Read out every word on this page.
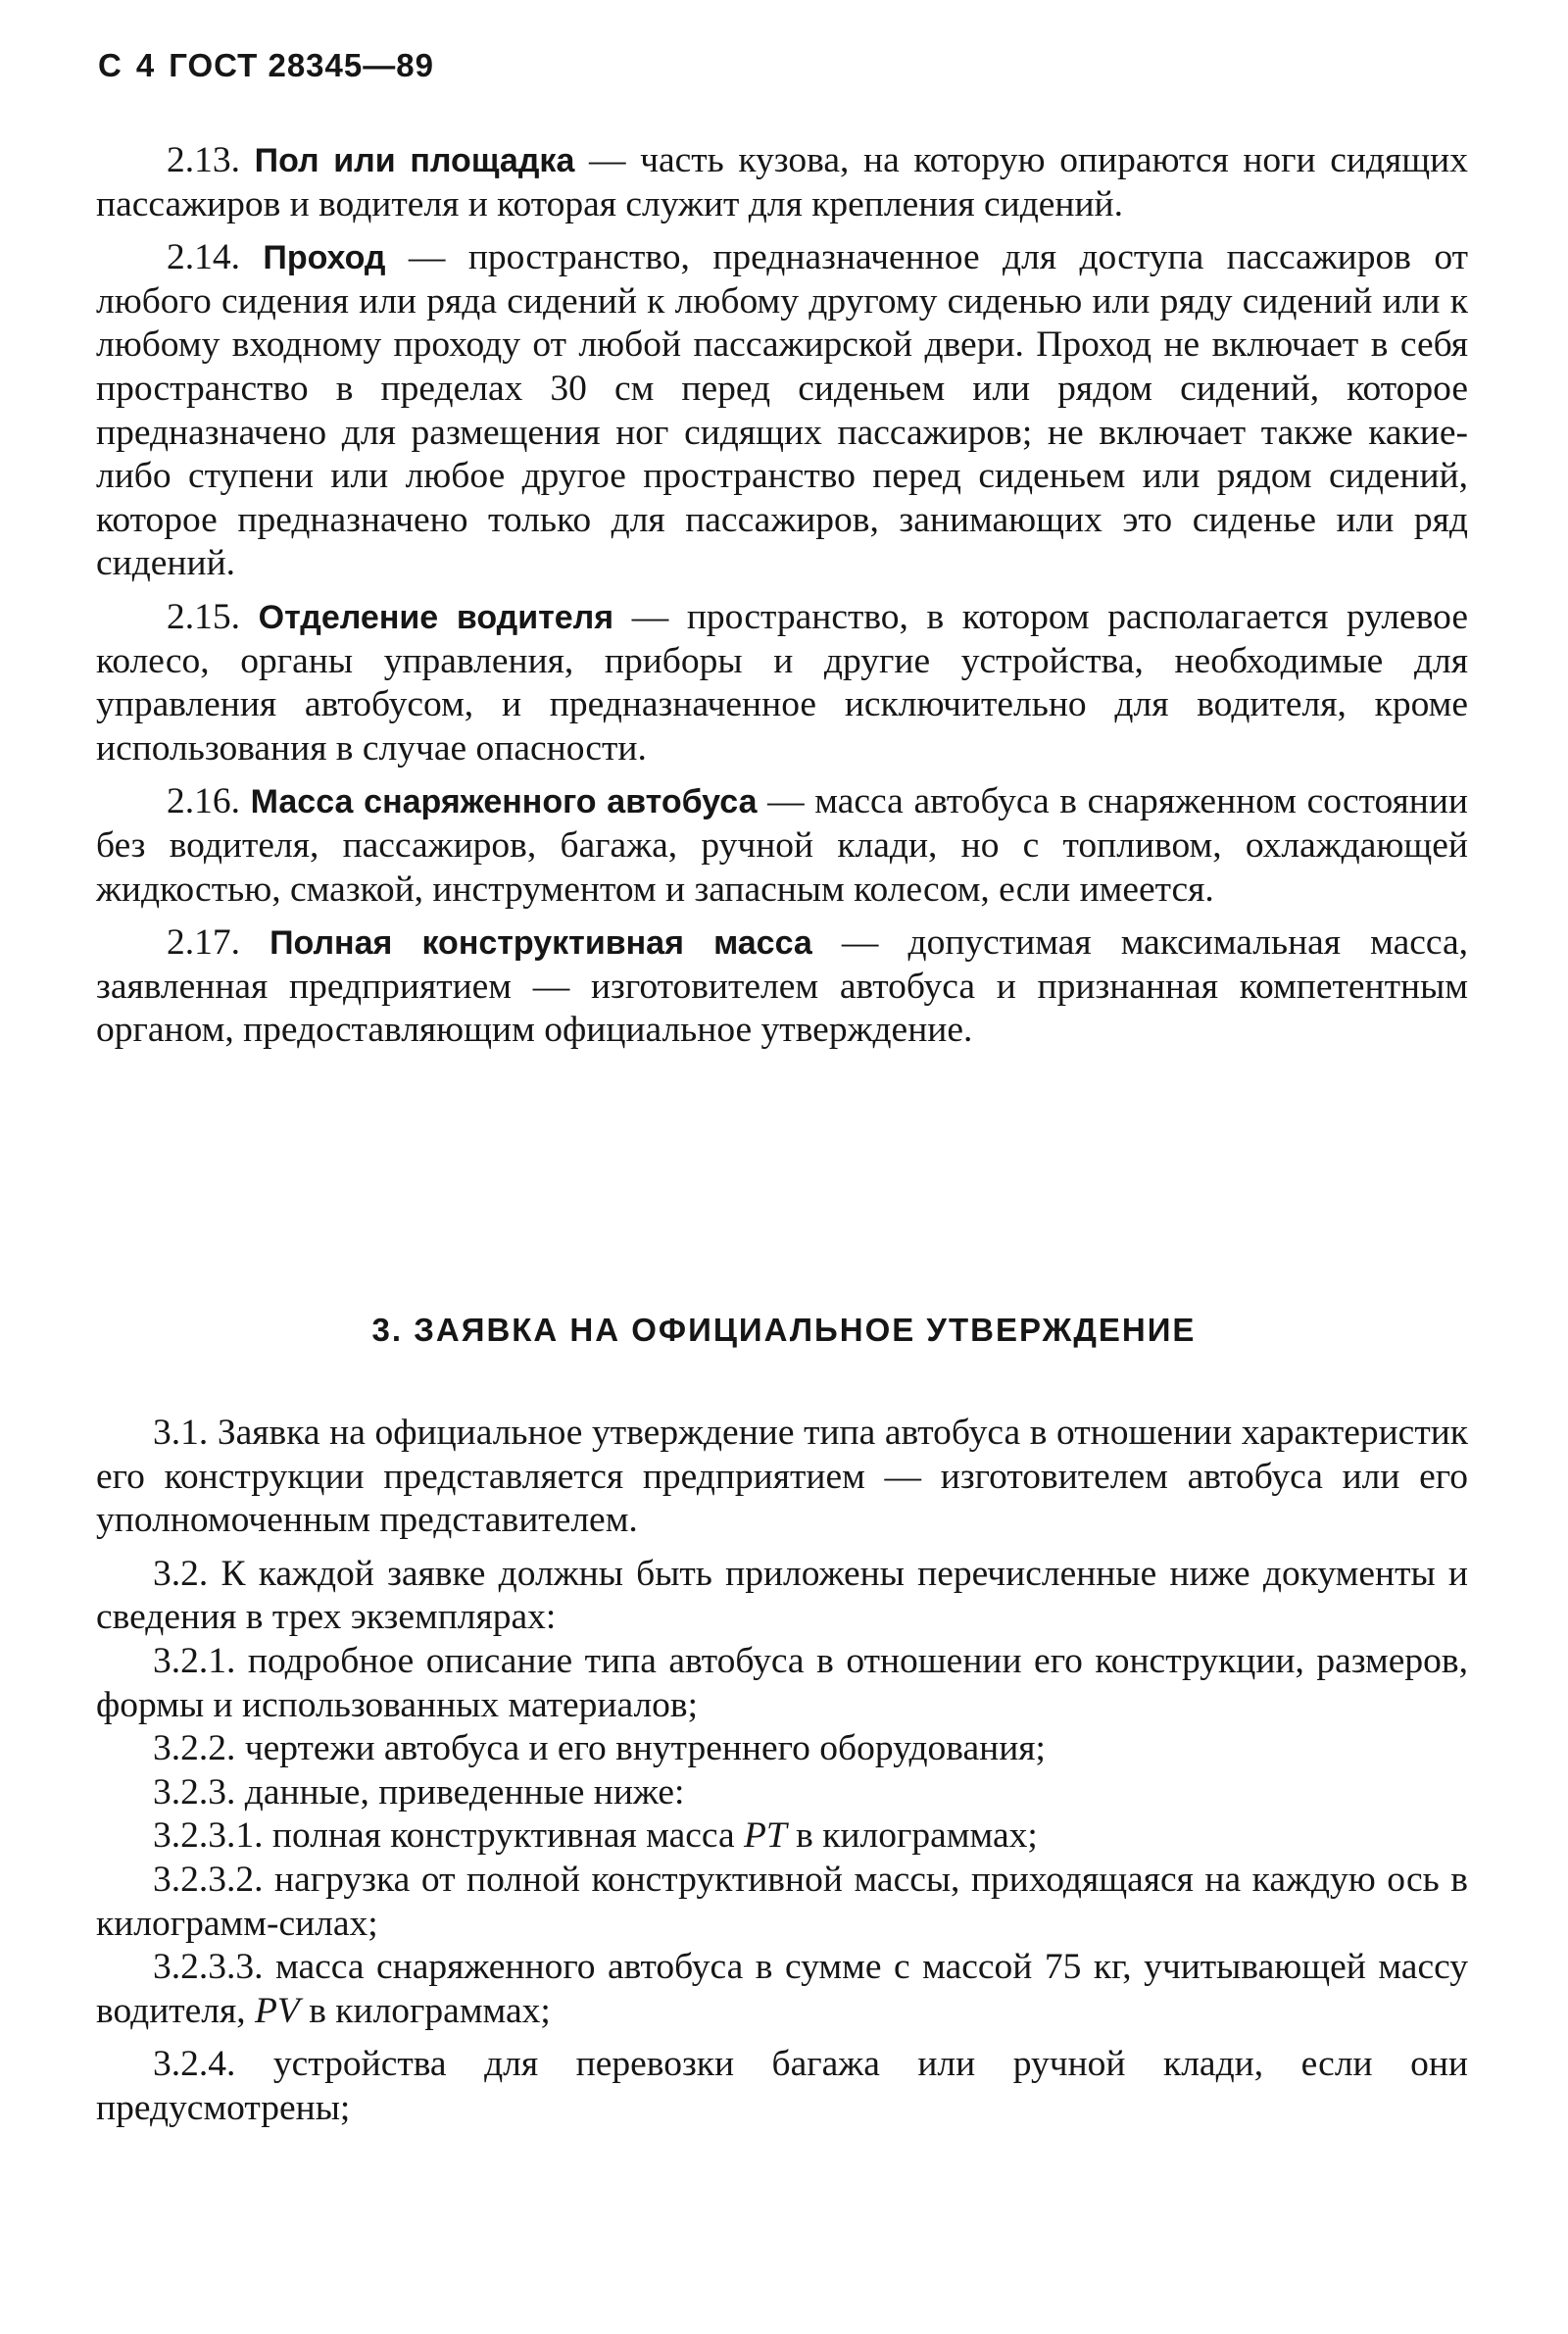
С 4 ГОСТ 28345—89

2.13. Пол или площадка — часть кузова, на которую опираются ноги сидящих пассажиров и водителя и которая служит для крепления сидений.

2.14. Проход — пространство, предназначенное для доступа пассажиров от любого сидения или ряда сидений к любому другому сиденью или ряду сидений или к любому входному проходу от любой пассажирской двери. Проход не включает в себя пространство в пределах 30 см перед сиденьем или рядом сидений, которое предназначено для размещения ног сидящих пассажиров; не включает также какие-либо ступени или любое другое пространство перед сиденьем или рядом сидений, которое предназначено только для пассажиров, занимающих это сиденье или ряд сидений.

2.15. Отделение водителя — пространство, в котором располагается рулевое колесо, органы управления, приборы и другие устройства, необходимые для управления автобусом, и предназначенное исключительно для водителя, кроме использования в случае опасности.

2.16. Масса снаряженного автобуса — масса автобуса в снаряженном состоянии без водителя, пассажиров, багажа, ручной клади, но с топливом, охлаждающей жидкостью, смазкой, инструментом и запасным колесом, если имеется.

2.17. Полная конструктивная масса — допустимая максимальная масса, заявленная предприятием — изготовителем автобуса и признанная компетентным органом, предоставляющим официальное утверждение.

3. ЗАЯВКА НА ОФИЦИАЛЬНОЕ УТВЕРЖДЕНИЕ

3.1. Заявка на официальное утверждение типа автобуса в отношении характеристик его конструкции представляется предприятием — изготовителем автобуса или его уполномоченным представителем.

3.2. К каждой заявке должны быть приложены перечисленные ниже документы и сведения в трех экземплярах:

3.2.1. подробное описание типа автобуса в отношении его конструкции, размеров, формы и использованных материалов;

3.2.2. чертежи автобуса и его внутреннего оборудования;

3.2.3. данные, приведенные ниже:

3.2.3.1. полная конструктивная масса PT в килограммах;

3.2.3.2. нагрузка от полной конструктивной массы, приходящаяся на каждую ось в килограмм-силах;

3.2.3.3. масса снаряженного автобуса в сумме с массой 75 кг, учитывающей массу водителя, PV в килограммах;

3.2.4. устройства для перевозки багажа или ручной клади, если они предусмотрены;
